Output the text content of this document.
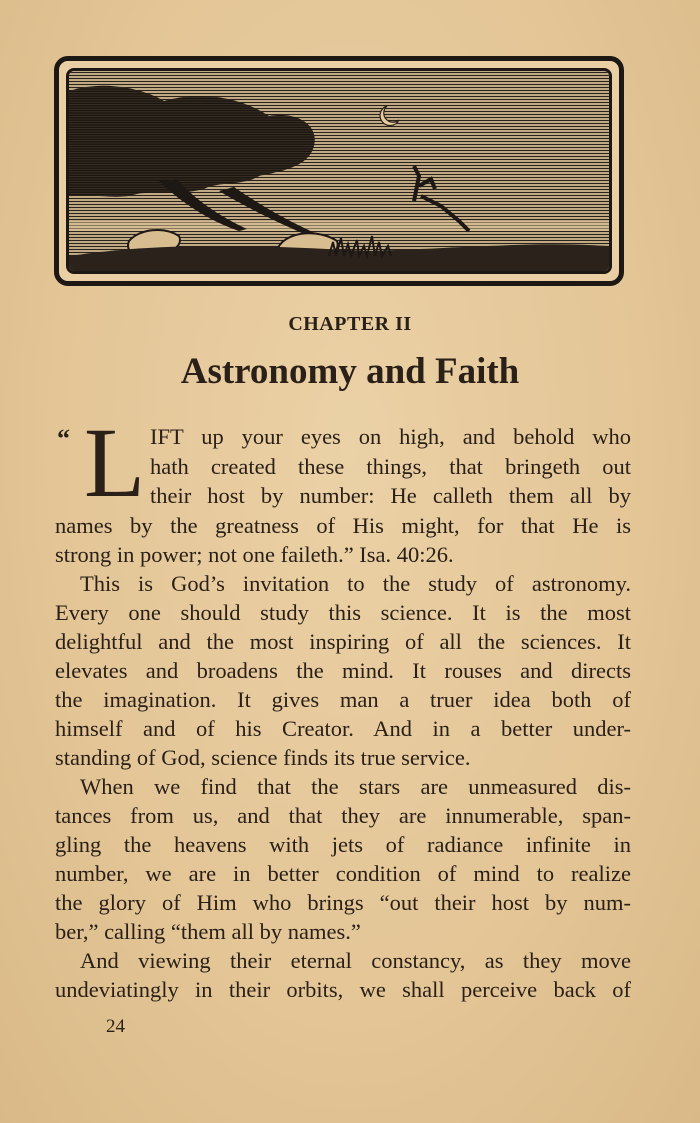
CHAPTER II
Astronomy and Faith
“ L IFT up your eyes on high, and behold who
hath created these things, that bringeth out
their host by number: He calleth them all by
names by the greatness of His might, for that He is
strong in power; not one faileth.” Isa. 40:26.
This is God’s invitation to the study of astronomy.
Every one should study this science. It is the most
delightful and the most inspiring of all the sciences. It
elevates and broadens the mind. It rouses and directs
the imagination. It gives man a truer idea both of
himself and of his Creator. And in a better under-
standing of God, science finds its true service.
When we find that the stars are unmeasured dis-
tances from us, and that they are innumerable, span-
gling the heavens with jets of radiance infinite in
number, we are in better condition of mind to realize
the glory of Him who brings “out their host by num-
ber,” calling “them all by names.”
And viewing their eternal constancy, as they move
undeviatingly in their orbits, we shall perceive back of
24
